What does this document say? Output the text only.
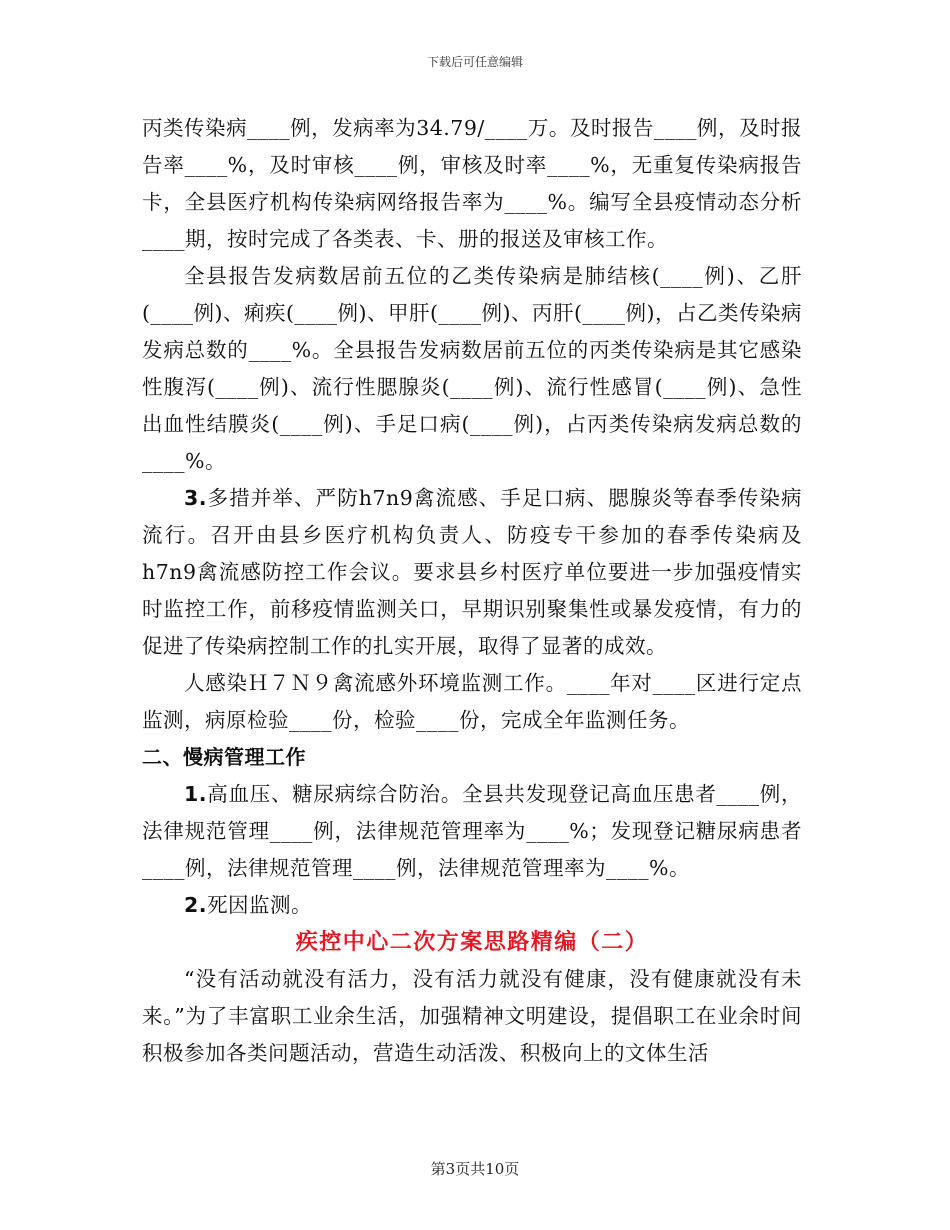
下载后可任意编辑

丙类传染病____例，发病率为34.79/____万。及时报告____例，及时报告率____%，及时审核____例，审核及时率____%，无重复传染病报告卡，全县医疗机构传染病网络报告率为____%。编写全县疫情动态分析____期，按时完成了各类表、卡、册的报送及审核工作。

全县报告发病数居前五位的乙类传染病是肺结核(____例)、乙肝(____例)、痢疾(____例)、甲肝(____例)、丙肝(____例)，占乙类传染病发病总数的____%。全县报告发病数居前五位的丙类传染病是其它感染性腹泻(____例)、流行性腮腺炎(____例)、流行性感冒(____例)、急性出血性结膜炎(____例)、手足口病(____例)，占丙类传染病发病总数的____%。

3.多措并举、严防h7n9禽流感、手足口病、腮腺炎等春季传染病流行。召开由县乡医疗机构负责人、防疫专干参加的春季传染病及h7n9禽流感防控工作会议。要求县乡村医疗单位要进一步加强疫情实时监控工作，前移疫情监测关口，早期识别聚集性或暴发疫情，有力的促进了传染病控制工作的扎实开展，取得了显著的成效。

人感染Ｈ７Ｎ９禽流感外环境监测工作。____年对____区进行定点监测，病原检验____份，检验____份，完成全年监测任务。

二、慢病管理工作

1.高血压、糖尿病综合防治。全县共发现登记高血压患者____例，法律规范管理____例，法律规范管理率为____%；发现登记糖尿病患者____例，法律规范管理____例，法律规范管理率为____%。

2.死因监测。

疾控中心二次方案思路精编（二）

“没有活动就没有活力，没有活力就没有健康，没有健康就没有未来。”为了丰富职工业余生活，加强精神文明建设，提倡职工在业余时间积极参加各类问题活动，营造生动活泼、积极向上的文体生活

第3页共10页
